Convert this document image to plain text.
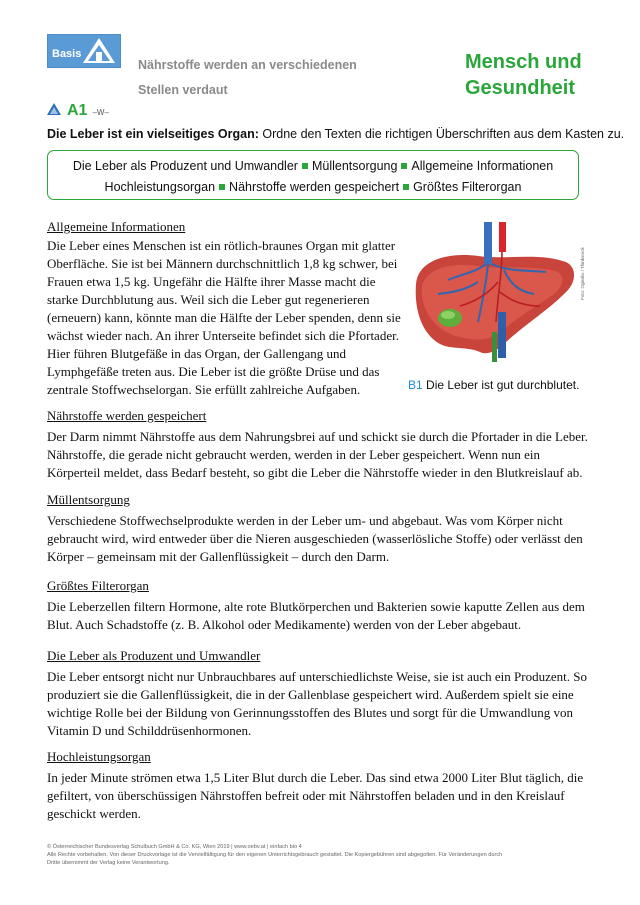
Basis
Nährstoffe werden an verschiedenen
Stellen verdaut
Mensch und
Gesundheit
A1 –W–
Die Leber ist ein vielseitiges Organ: Ordne den Texten die richtigen Überschriften aus dem Kasten zu.
Die Leber als Produzent und Umwandler Müllentsorgung Allgemeine Informationen
Hochleistungsorgan Nährstoffe werden gespeichert Größtes Filterorgan
Foto: Ogiedru / Thinkstock
B1 Die Leber ist gut durchblutet.
Allgemeine Informationen
Die Leber eines Menschen ist ein rötlich-braunes Organ mit glatter
Oberfläche. Sie ist bei Männern durchschnittlich 1,8 kg schwer, bei
Frauen etwa 1,5 kg. Ungefähr die Hälfte ihrer Masse macht die
starke Durchblutung aus. Weil sich die Leber gut regenerieren
(erneuern) kann, könnte man die Hälfte der Leber spenden, denn sie
wächst wieder nach. An ihrer Unterseite befindet sich die Pfortader.
Hier führen Blutgefäße in das Organ, der Gallengang und
Lymphgefäße treten aus. Die Leber ist die größte Drüse und das
zentrale Stoffwechselorgan. Sie erfüllt zahlreiche Aufgaben.
Nährstoffe werden gespeichert
Der Darm nimmt Nährstoffe aus dem Nahrungsbrei auf und schickt sie durch die Pfortader in die Leber.
Nährstoffe, die gerade nicht gebraucht werden, werden in der Leber gespeichert. Wenn nun ein
Körperteil meldet, dass Bedarf besteht, so gibt die Leber die Nährstoffe wieder in den Blutkreislauf ab.
Müllentsorgung
Verschiedene Stoffwechselprodukte werden in der Leber um- und abgebaut. Was vom Körper nicht
gebraucht wird, wird entweder über die Nieren ausgeschieden (wasserlösliche Stoffe) oder verlässt den
Körper – gemeinsam mit der Gallenflüssigkeit – durch den Darm.
Größtes Filterorgan
Die Leberzellen filtern Hormone, alte rote Blutkörperchen und Bakterien sowie kaputte Zellen aus dem
Blut. Auch Schadstoffe (z. B. Alkohol oder Medikamente) werden von der Leber abgebaut.
Die Leber als Produzent und Umwandler
Die Leber entsorgt nicht nur Unbrauchbares auf unterschiedlichste Weise, sie ist auch ein Produzent. So
produziert sie die Gallenflüssigkeit, die in der Gallenblase gespeichert wird. Außerdem spielt sie eine
wichtige Rolle bei der Bildung von Gerinnungsstoffen des Blutes und sorgt für die Umwandlung von
Vitamin D und Schilddrüsenhormonen.
Hochleistungsorgan
In jeder Minute strömen etwa 1,5 Liter Blut durch die Leber. Das sind etwa 2000 Liter Blut täglich, die
gefiltert, von überschüssigen Nährstoffen befreit oder mit Nährstoffen beladen und in den Kreislauf
geschickt werden.
© Österreichischer Bundesverlag Schulbuch GmbH & Co. KG, Wien 2019 | www.oebv.at | einfach bio 4
Alle Rechte vorbehalten. Von dieser Druckvorlage ist die Vervielfältigung für den eigenen Unterrichtsgebrauch gestattet. Die Kopiergebühren sind abgegolten. Für Veränderungen durch
Dritte übernimmt der Verlag keine Verantwortung.
